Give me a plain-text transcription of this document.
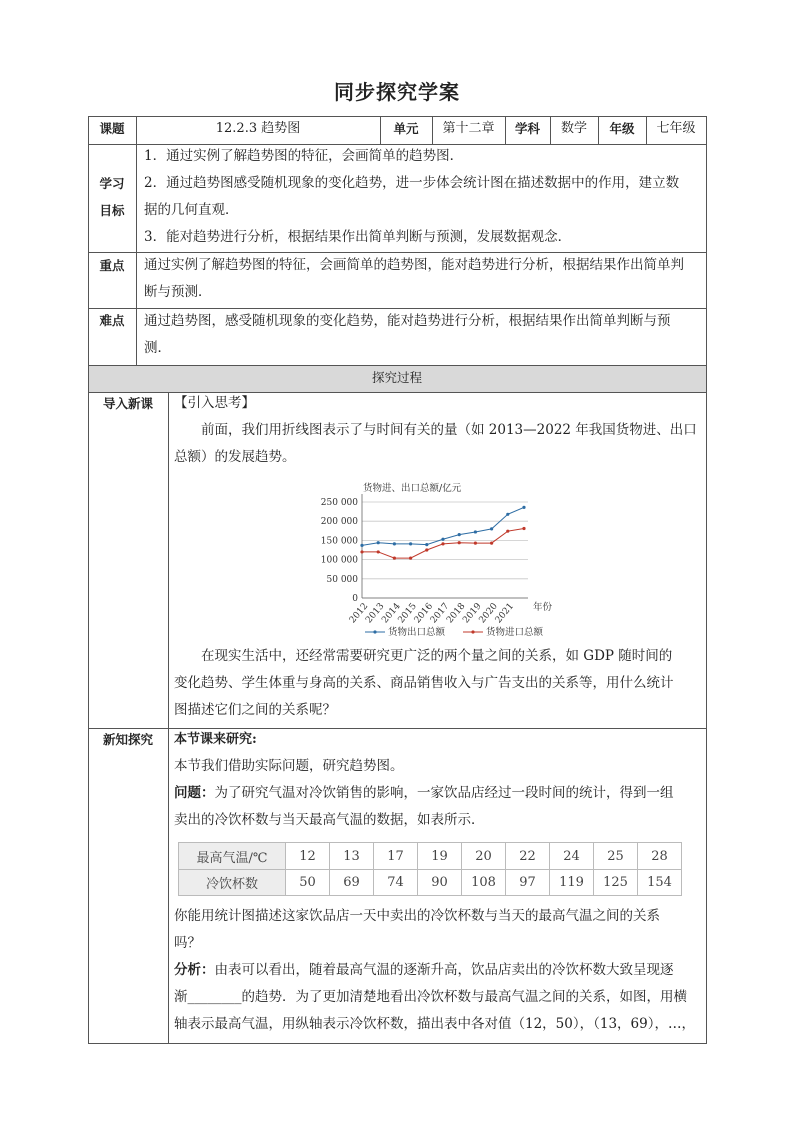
同步探究学案
课题	12.2.3 趋势图	单元	第十二章	学科	数学	年级	七年级
学习
目标
1．通过实例了解趋势图的特征，会画简单的趋势图．
2．通过趋势图感受随机现象的变化趋势，进一步体会统计图在描述数据中的作用，建立数
据的几何直观．
3．能对趋势进行分析，根据结果作出简单判断与预测，发展数据观念．
重点	通过实例了解趋势图的特征，会画简单的趋势图，能对趋势进行分析，根据结果作出简单判
断与预测．
难点	通过趋势图，感受随机现象的变化趋势，能对趋势进行分析，根据结果作出简单判断与预
测．
探究过程
导入新课	【引入思考】
前面，我们用折线图表示了与时间有关的量（如 2013—2022 年我国货物进、出口
总额）的发展趋势。
250 000
200 000
150 000
100 000
50 000
0
货物进、出口总额/亿元
年份
2012
2013
2014
2015
2016
2017
2018
2019
2020
2021
货物出口总额	货物进口总额
在现实生活中，还经常需要研究更广泛的两个量之间的关系，如 GDP 随时间的
变化趋势、学生体重与身高的关系、商品销售收入与广告支出的关系等，用什么统计
图描述它们之间的关系呢？
新知探究	本节课来研究:
本节我们借助实际问题，研究趋势图。
问题：为了研究气温对冷饮销售的影响，一家饮品店经过一段时间的统计，得到一组
卖出的冷饮杯数与当天最高气温的数据，如表所示．
最高气温/℃	12	13	17	19	20	22	24	25	28
冷饮杯数	50	69	74	90	108	97	119	125	154
你能用统计图描述这家饮品店一天中卖出的冷饮杯数与当天的最高气温之间的关系
吗？
分析：由表可以看出，随着最高气温的逐渐升高，饮品店卖出的冷饮杯数大致呈现逐
渐________的趋势．为了更加清楚地看出冷饮杯数与最高气温之间的关系，如图，用横
轴表示最高气温，用纵轴表示冷饮杯数，描出表中各对值（12，50），（13，69），…，
